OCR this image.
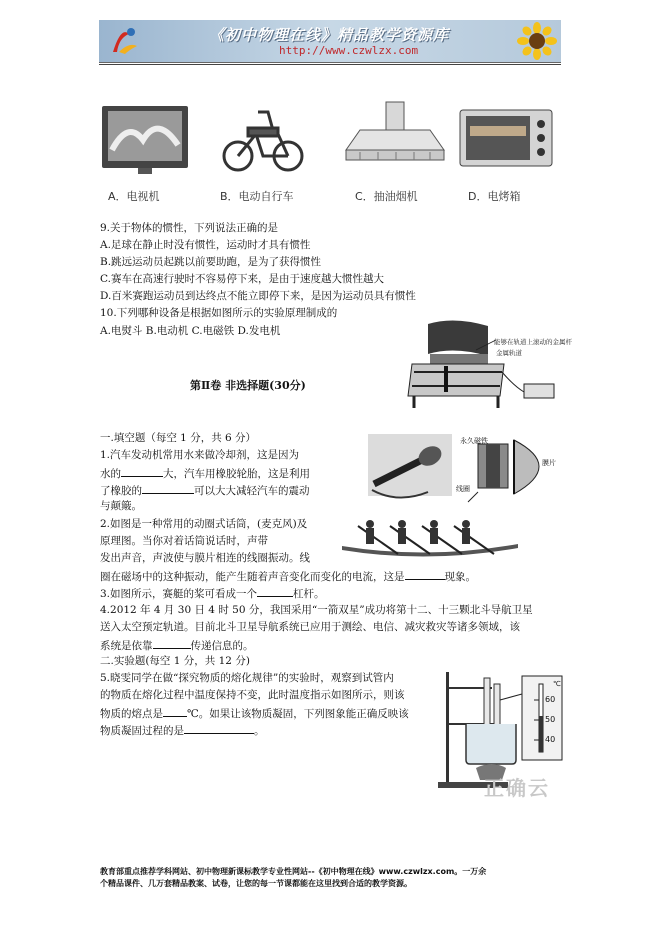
《初中物理在线》精品教学资源库
http://www.czwlzx.com
A．电视机	B．电动自行车	C．抽油烟机	D．电烤箱
9.关于物体的惯性，下列说法正确的是
A.足球在静止时没有惯性，运动时才具有惯性
B.跳远运动员起跳以前要助跑，是为了获得惯性
C.赛车在高速行驶时不容易停下来，是由于速度越大惯性越大
D.百米赛跑运动员到达终点不能立即停下来，是因为运动员具有惯性
10.下列哪种设备是根据如图所示的实验原理制成的
A.电熨斗 B.电动机 C.电磁铁 D.发电机
能够在轨道上滚动的金属杆
金属轨道
第Ⅱ卷 非选择题(30分)
一.填空题（每空 1 分，共 6 分）
1.汽车发动机常用水来做冷却剂，这是因为
水的	大，汽车用橡胶轮胎，这是利用
了橡胶的	可以大大减轻汽车的震动
与颠簸。
永久磁铁
膜片
线圈
2.如图是一种常用的动圈式话筒，(麦克风)及
原理图。当你对着话筒说话时，声带
发出声音，声波使与膜片相连的线圈振动。线
圈在磁场中的这种振动，能产生随着声音变化而变化的电流，这是	现象。
3.如图所示，赛艇的桨可看成一个	杠杆。
4.2012 年 4 月 30 日 4 时 50 分，我国采用“一箭双星”成功将第十二、十三颗北斗导航卫星
送入太空预定轨道。目前北斗卫星导航系统已应用于测绘、电信、减灾救灾等诸多领域，该
系统是依靠	传递信息的。
二.实验题(每空 1 分，共 12 分)
5.晓雯同学在做“探究物质的熔化规律”的实验时，观察到试管内
的物质在熔化过程中温度保持不变，此时温度指示如图所示，则该
物质的熔点是 ℃。如果让该物质凝固，下列图象能正确反映该
物质凝固过程的是	。
℃
60
50
40
正确云
教育部重点推荐学科网站、初中物理新课标教学专业性网站--《初中物理在线》www.czwlzx.com。一万余
个精品课件、几万套精品教案、试卷，让您的每一节课都能在这里找到合适的教学资源。
